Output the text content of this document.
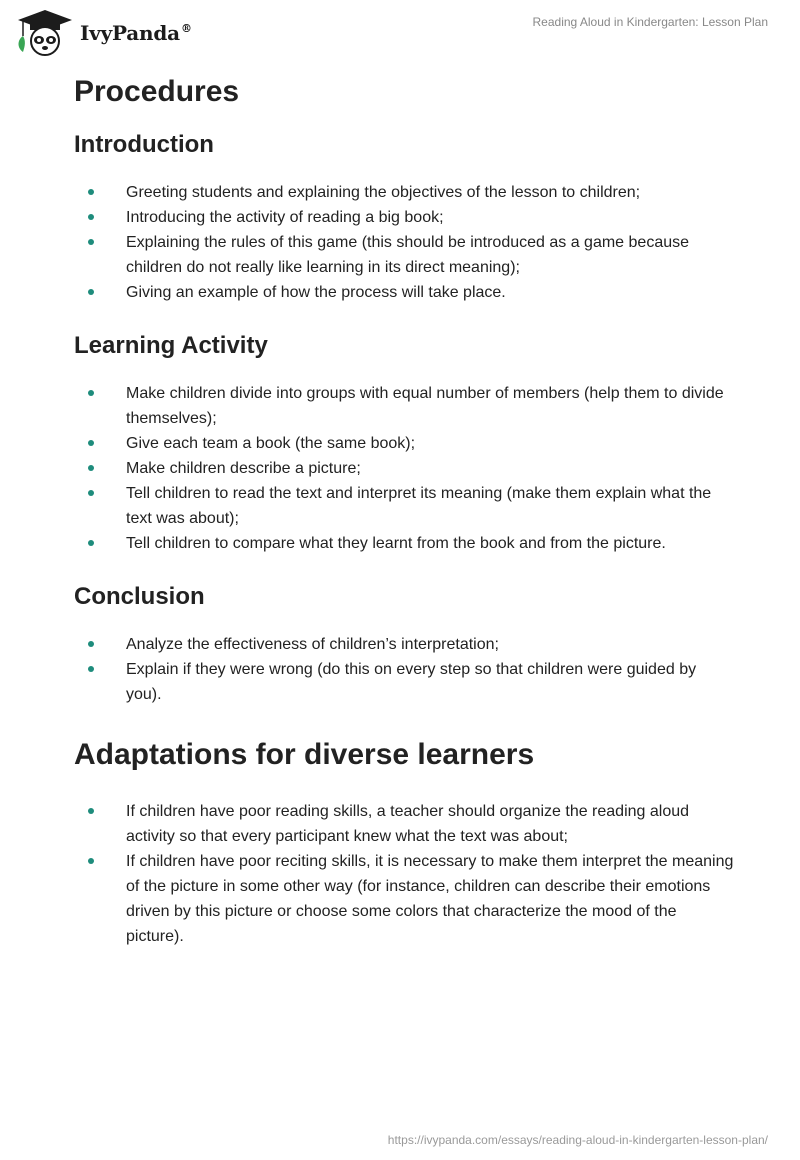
IvyPanda®	Reading Aloud in Kindergarten: Lesson Plan
Procedures
Introduction
Greeting students and explaining the objectives of the lesson to children;
Introducing the activity of reading a big book;
Explaining the rules of this game (this should be introduced as a game because children do not really like learning in its direct meaning);
Giving an example of how the process will take place.
Learning Activity
Make children divide into groups with equal number of members (help them to divide themselves);
Give each team a book (the same book);
Make children describe a picture;
Tell children to read the text and interpret its meaning (make them explain what the text was about);
Tell children to compare what they learnt from the book and from the picture.
Conclusion
Analyze the effectiveness of children’s interpretation;
Explain if they were wrong (do this on every step so that children were guided by you).
Adaptations for diverse learners
If children have poor reading skills, a teacher should organize the reading aloud activity so that every participant knew what the text was about;
If children have poor reciting skills, it is necessary to make them interpret the meaning of the picture in some other way (for instance, children can describe their emotions driven by this picture or choose some colors that characterize the mood of the picture).
https://ivypanda.com/essays/reading-aloud-in-kindergarten-lesson-plan/
